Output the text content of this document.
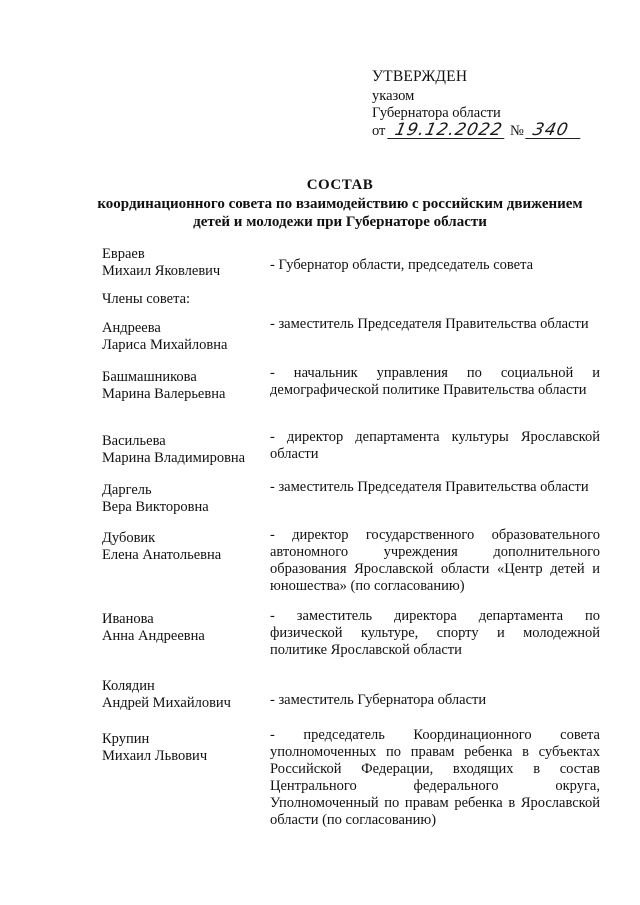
УТВЕРЖДЕН
указом
Губернатора области
от 19.12.2022 № 340
СОСТАВ
координационного совета по взаимодействию с российским движением
детей и молодежи при Губернаторе области
Евраев
Михаил Яковлевич	- Губернатор области, председатель совета
Члены совета:
Андреева
Лариса Михайловна
- заместитель Председателя Правительства области
Башмашникова
Марина Валерьевна
- начальник управления по социальной и демографической политике Правительства области
Васильева
Марина Владимировна
- директор департамента культуры Ярославской области
Даргель
Вера Викторовна
- заместитель Председателя Правительства области
Дубовик
Елена Анатольевна
- директор государственного образовательного автономного учреждения дополнительного образования Ярославской области «Центр детей и юношества» (по согласованию)
Иванова
Анна Андреевна
- заместитель директора департамента по физической культуре, спорту и молодежной политике Ярославской области
Колядин
Андрей Михайлович	- заместитель Губернатора области
Крупин
Михаил Львович
- председатель Координационного совета уполномоченных по правам ребенка в субъектах Российской Федерации, входящих в состав Центрального федерального округа, Уполномоченный по правам ребенка в Ярославской области (по согласованию)
